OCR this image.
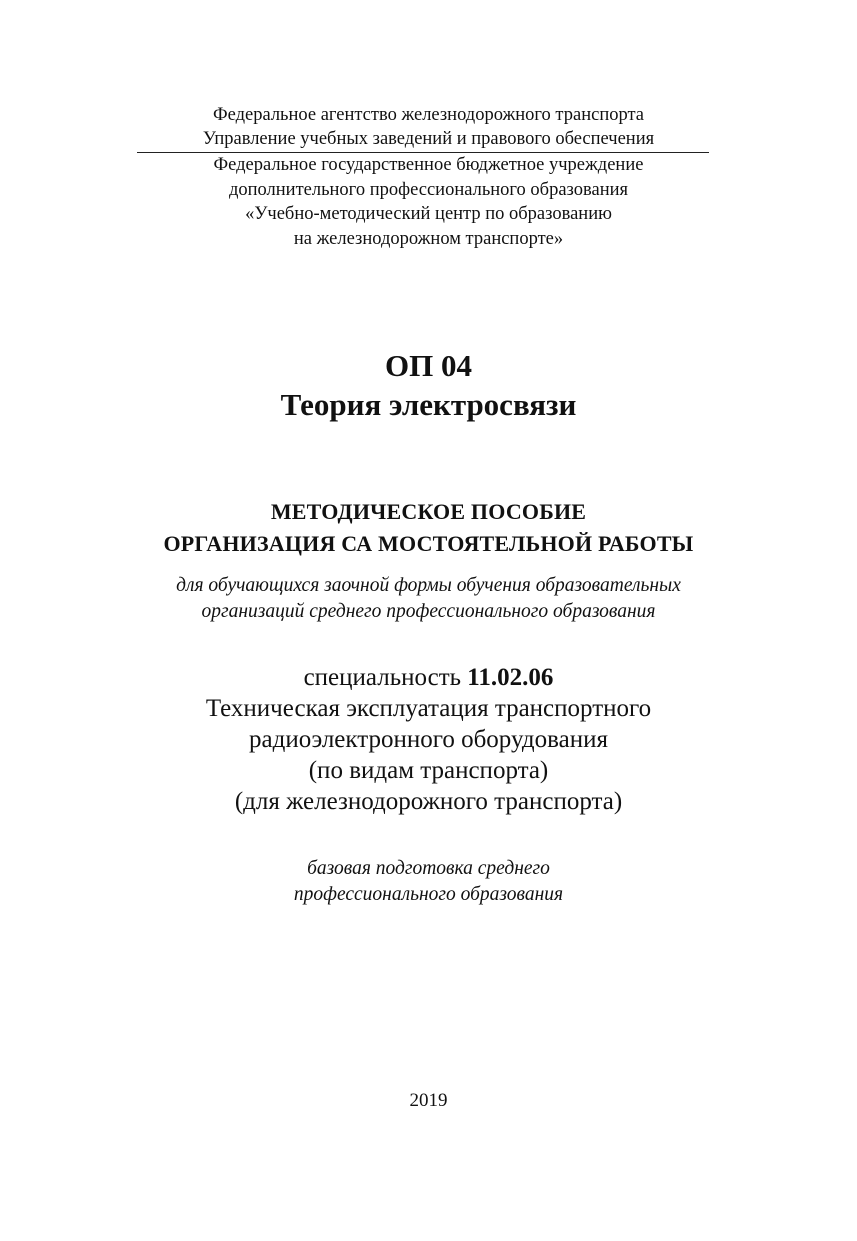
Федеральное агентство железнодорожного транспорта
Управление учебных заведений и правового обеспечения
Федеральное государственное бюджетное учреждение
дополнительного профессионального образования
«Учебно-методический центр по образованию
на железнодорожном транспорте»
ОП 04
Теория электросвязи
МЕТОДИЧЕСКОЕ ПОСОБИЕ
ОРГАНИЗАЦИЯ СА МОСТОЯТЕЛЬНОЙ РАБОТЫ
для обучающихся заочной формы обучения образовательных
организаций среднего профессионального образования
специальность 11.02.06
Техническая эксплуатация транспортного
радиоэлектронного оборудования
(по видам транспорта)
(для железнодорожного транспорта)
базовая подготовка среднего
профессионального образования
2019
